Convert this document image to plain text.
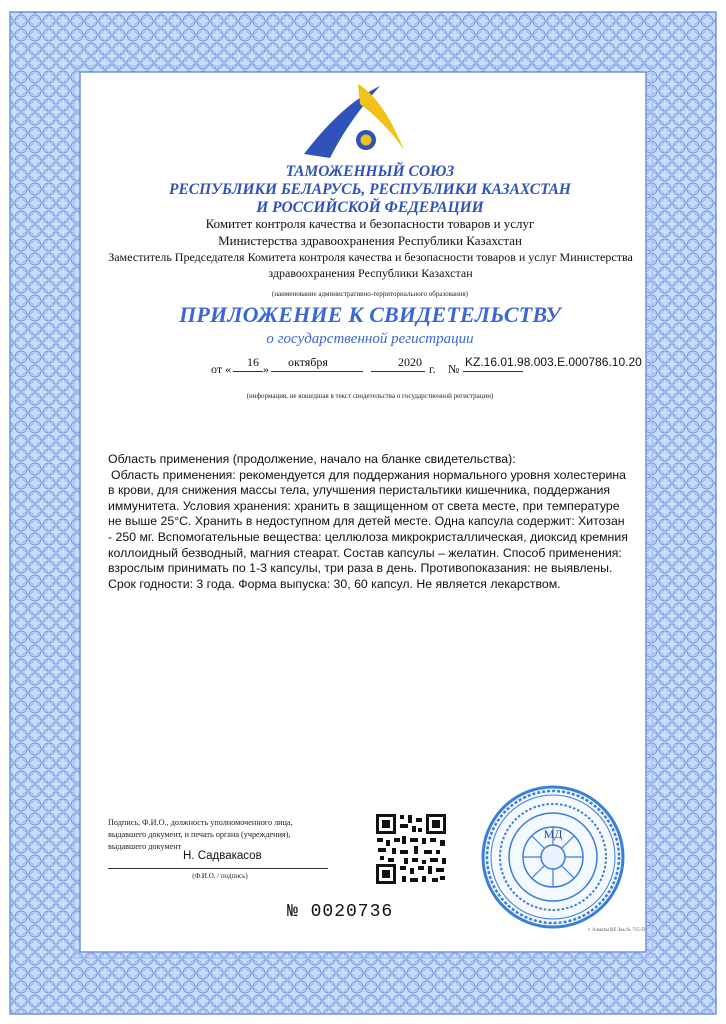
ТАМОЖЕННЫЙ СОЮЗ
РЕСПУБЛИКИ БЕЛАРУСЬ, РЕСПУБЛИКИ КАЗАХСТАН
И РОССИЙСКОЙ ФЕДЕРАЦИИ
Комитет контроля качества и безопасности товаров и услуг
Министерства здравоохранения Республики Казахстан
Заместитель Председателя Комитета контроля качества и безопасности товаров и услуг Министерства
здравоохранения Республики Казахстан
(наименование административно-территориального образования)
ПРИЛОЖЕНИЕ К СВИДЕТЕЛЬСТВУ
о государственной регистрации
от « 16 » октября	2020 г. № KZ.16.01.98.003.Е.000786.10.20
(информация, не вошедшая в текст свидетельства о государственной регистрации)

Область применения (продолжение, начало на бланке свидетельства):

Область применения: рекомендуется для поддержания нормального уровня холестерина в крови, для снижения массы тела, улучшения перистальтики кишечника, поддержания иммунитета. Условия хранения: хранить в защищенном от света месте, при температуре не выше 25°С. Хранить в недоступном для детей месте. Одна капсула содержит: Хитозан - 250 мг. Вспомогательные вещества: целлюлоза микрокристаллическая, диоксид кремния коллоидный безводный, магния стеарат. Состав капсулы – желатин. Способ применения: взрослым принимать по 1-3 капсулы, три раза в день. Противопоказания: не выявлены. Срок годности: 3 года. Форма выпуска: 30, 60 капсул. Не является лекарством.

Подпись, Ф.И.О., должность уполномоченного лица,
выдавшего документ, и печать органа (учреждения),
выдавшего документ
Н. Садвакасов
(Ф.И.О. / подпись)
МД
№ 0020736
г. Алматы ВЕ Зак.№ 715-П
